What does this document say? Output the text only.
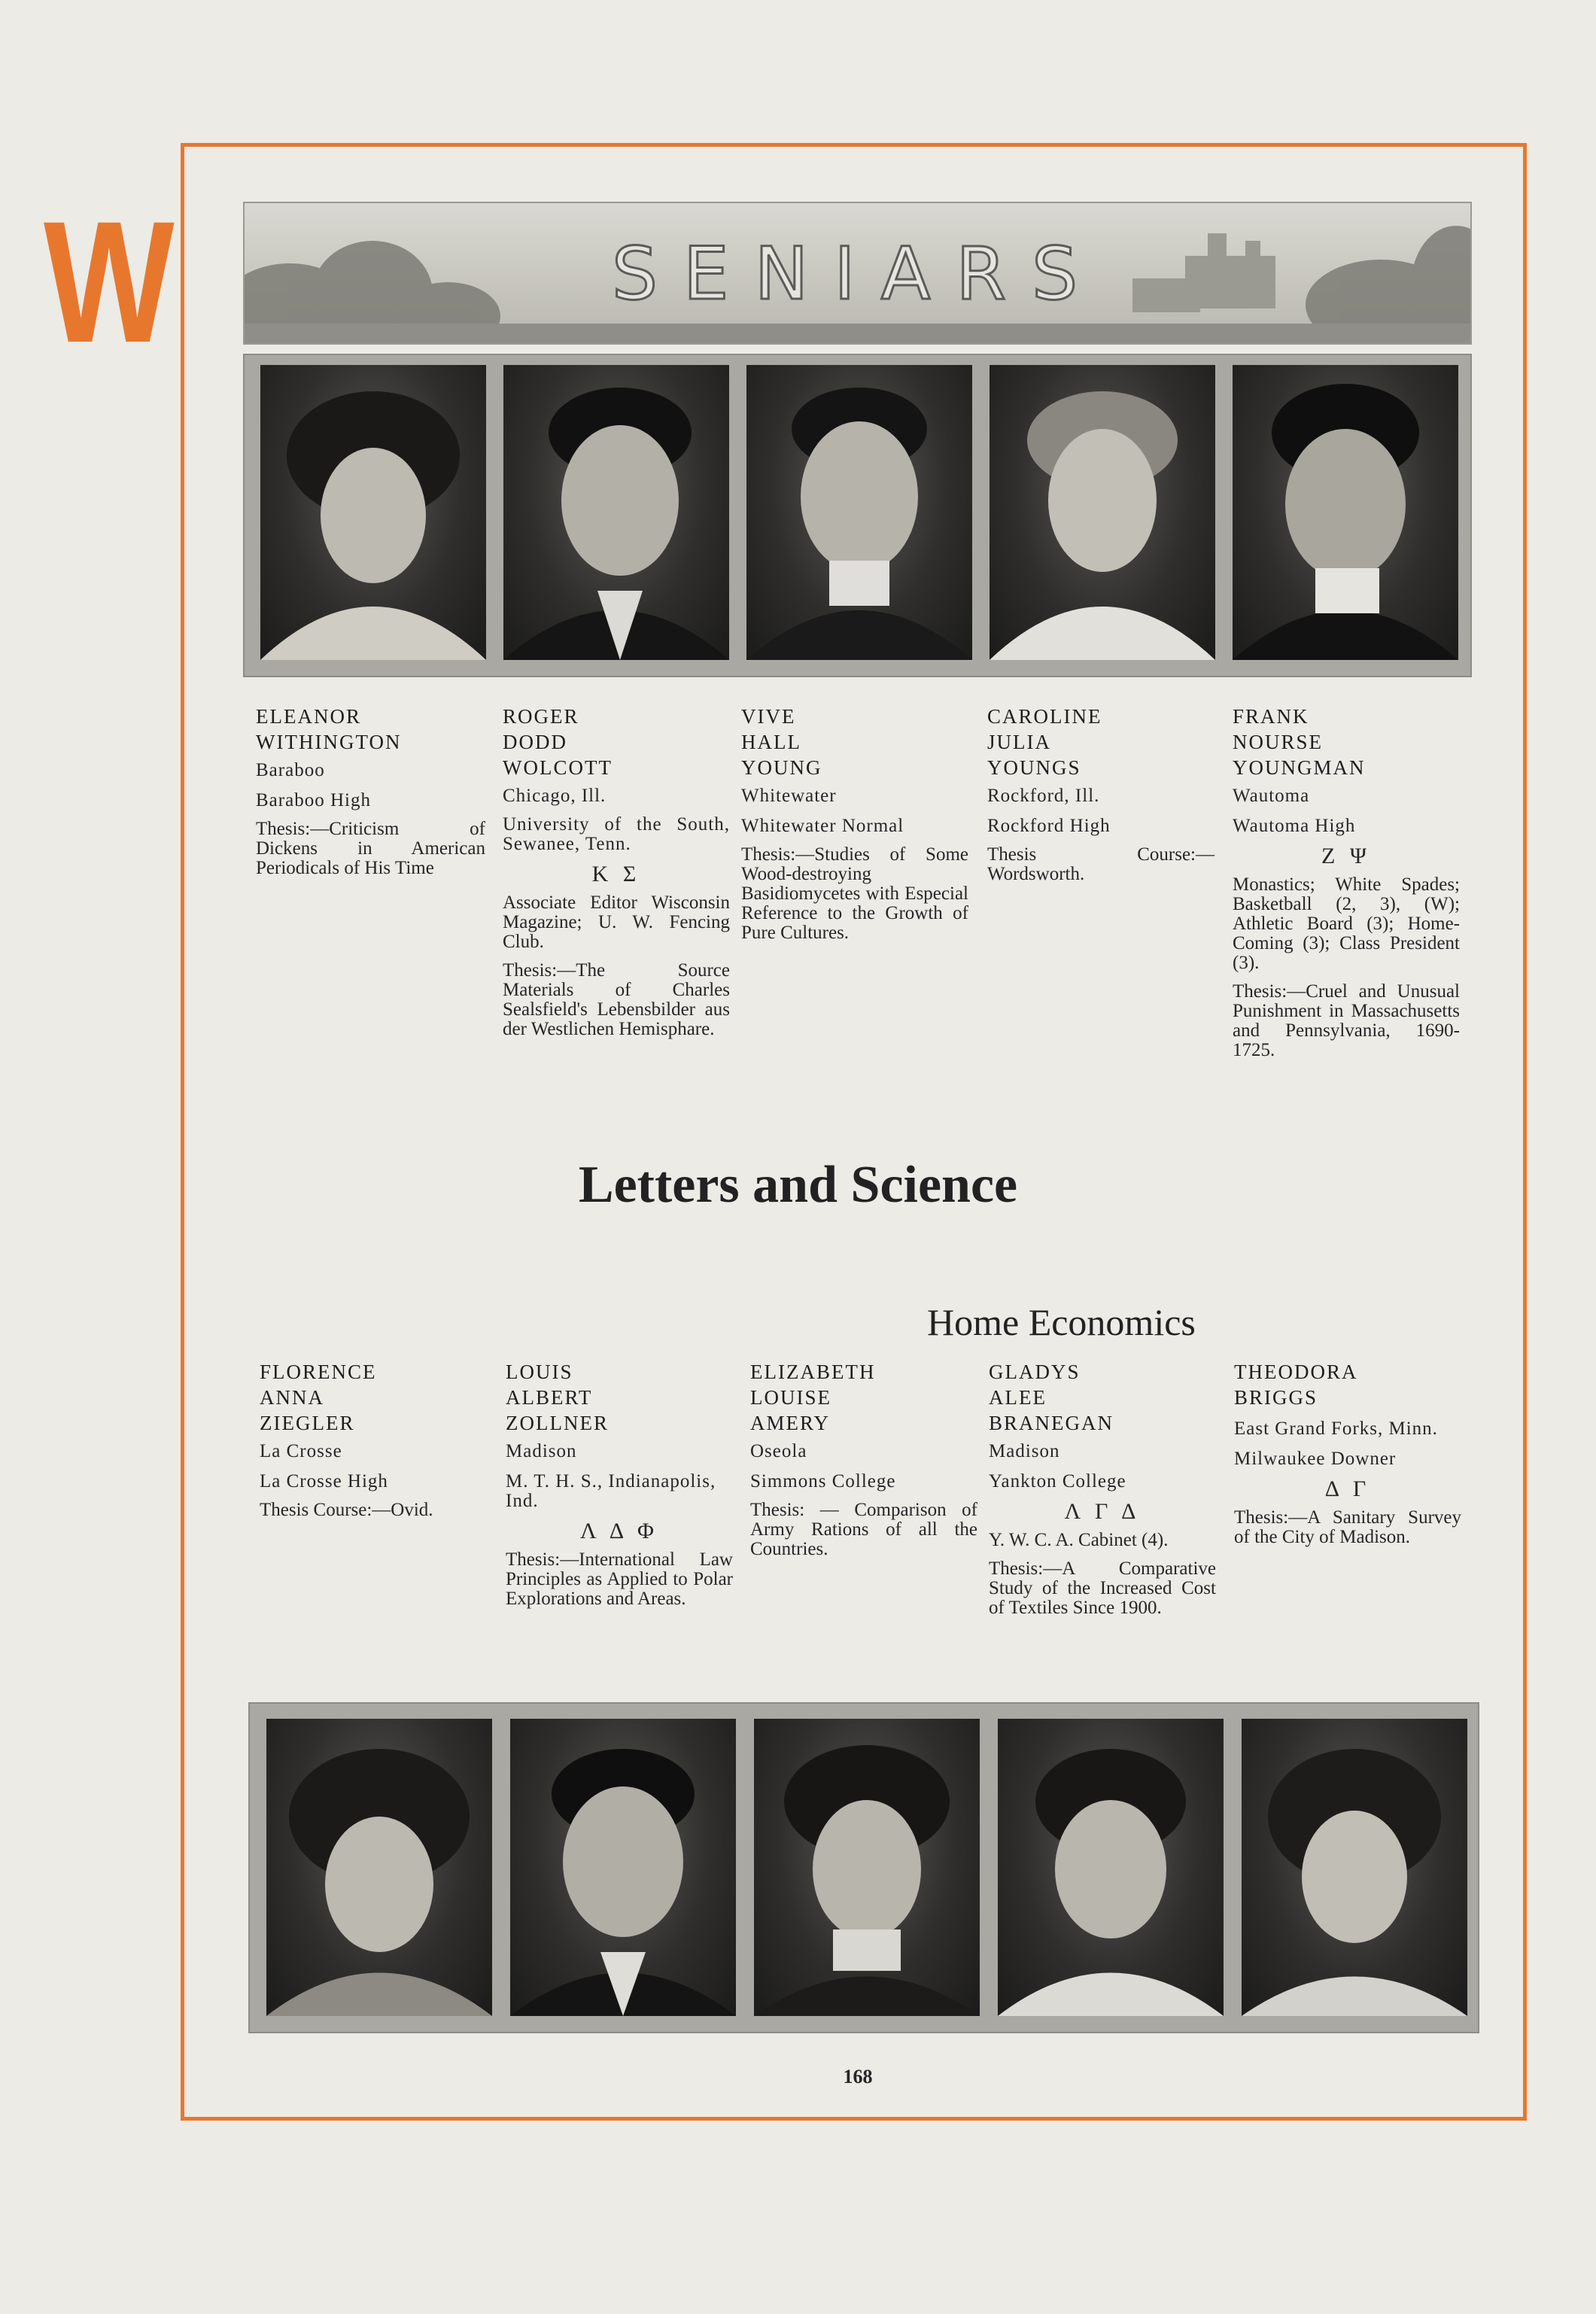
W	SENIARS
ELEANOR
WITHINGTON
Baraboo
Baraboo High
Thesis:—Criticism of Dickens in American Periodicals of His Time
ROGER
DODD
WOLCOTT
Chicago, Ill.
University of the South, Sewanee, Tenn.
Κ Σ
Associate Editor Wisconsin Magazine; U. W. Fencing Club.
Thesis:—The Source Materials of Charles Sealsfield's Lebensbilder aus der Westlichen Hemisphare.
VIVE
HALL
YOUNG
Whitewater
Whitewater Normal
Thesis:—Studies of Some Wood-destroying Basidiomycetes with Especial Reference to the Growth of Pure Cultures.
CAROLINE
JULIA
YOUNGS
Rockford, Ill.
Rockford High
Thesis Course:— Wordsworth.
FRANK
NOURSE
YOUNGMAN
Wautoma
Wautoma High
Ζ Ψ
Monastics; White Spades; Basketball (2, 3), (W); Athletic Board (3); Home-Coming (3); Class President (3).
Thesis:—Cruel and Unusual Punishment in Massachusetts and Pennsylvania, 1690-1725.
Letters and Science
Home Economics
FLORENCE
ANNA
ZIEGLER
La Crosse
La Crosse High
Thesis Course:—Ovid.
LOUIS
ALBERT
ZOLLNER
Madison
M. T. H. S., Indianapolis, Ind.
Λ Δ Φ
Thesis:—International Law Principles as Applied to Polar Explorations and Areas.
ELIZABETH
LOUISE
AMERY
Oseola
Simmons College
Thesis: — Comparison of Army Rations of all the Countries.
GLADYS
ALEE
BRANEGAN
Madison
Yankton College
Λ Γ Δ
Y. W. C. A. Cabinet (4).
Thesis:—A Comparative Study of the Increased Cost of Textiles Since 1900.
THEODORA
BRIGGS
East Grand Forks, Minn.
Milwaukee Downer
Δ Γ
Thesis:—A Sanitary Survey of the City of Madison.
168
